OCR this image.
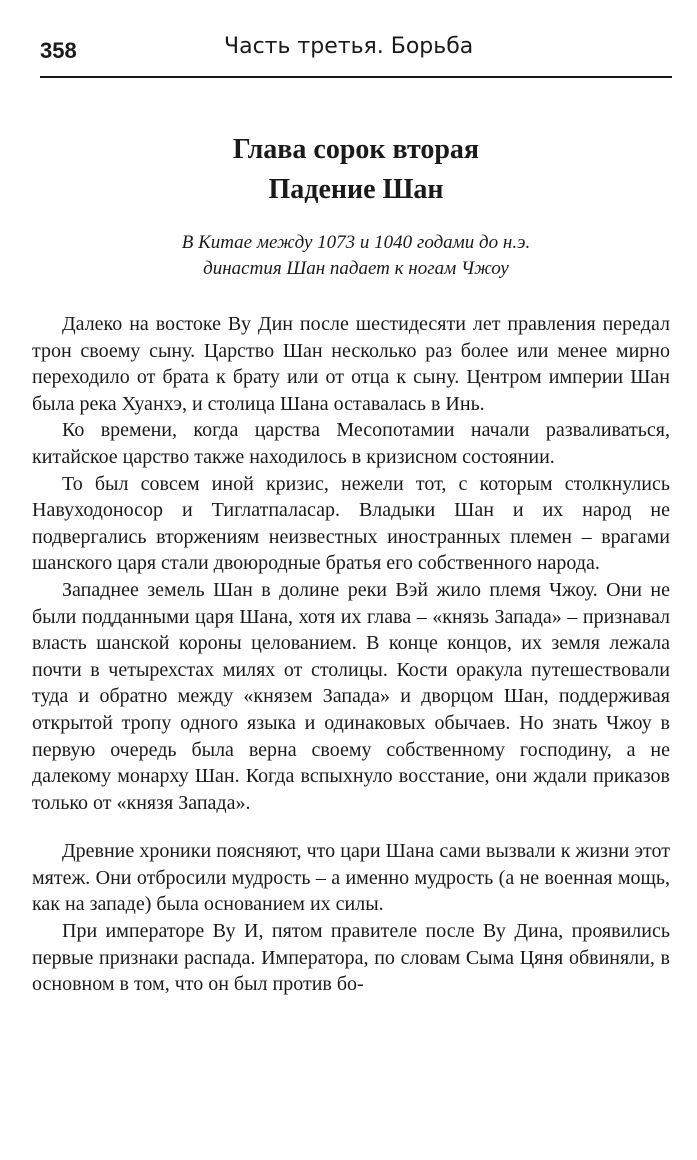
358	Часть третья. Борьба
Глава сорок вторая
Падение Шан
В Китае между 1073 и 1040 годами до н.э.
династия Шан падает к ногам Чжоу

Далеко на востоке Ву Дин после шестидесяти лет правления передал трон своему сыну. Царство Шан несколько раз более или менее мирно переходило от брата к брату или от отца к сыну. Центром империи Шан была река Хуанхэ, и столица Шана оставалась в Инь.

Ко времени, когда царства Месопотамии начали разваливаться, китайское царство также находилось в кризисном состоянии.

То был совсем иной кризис, нежели тот, с которым столкнулись Навуходоносор и Тиглатпаласар. Владыки Шан и их народ не подвергались вторжениям неизвестных иностранных племен – врагами шанского царя стали двоюродные братья его собственного народа.

Западнее земель Шан в долине реки Вэй жило племя Чжоу. Они не были подданными царя Шана, хотя их глава – «князь Запада» – признавал власть шанской короны целованием. В конце концов, их земля лежала почти в четырехстах милях от столицы. Кости оракула путешествовали туда и обратно между «князем Запада» и дворцом Шан, поддерживая открытой тропу одного языка и одинаковых обычаев. Но знать Чжоу в первую очередь была верна своему собственному господину, а не далекому монарху Шан. Когда вспыхнуло восстание, они ждали приказов только от «князя Запада».

Древние хроники поясняют, что цари Шана сами вызвали к жизни этот мятеж. Они отбросили мудрость – а именно мудрость (а не военная мощь, как на западе) была основанием их силы.

При императоре Ву И, пятом правителе после Ву Дина, проявились первые признаки распада. Императора, по словам Сыма Цяня обвиняли, в основном в том, что он был против бо-
